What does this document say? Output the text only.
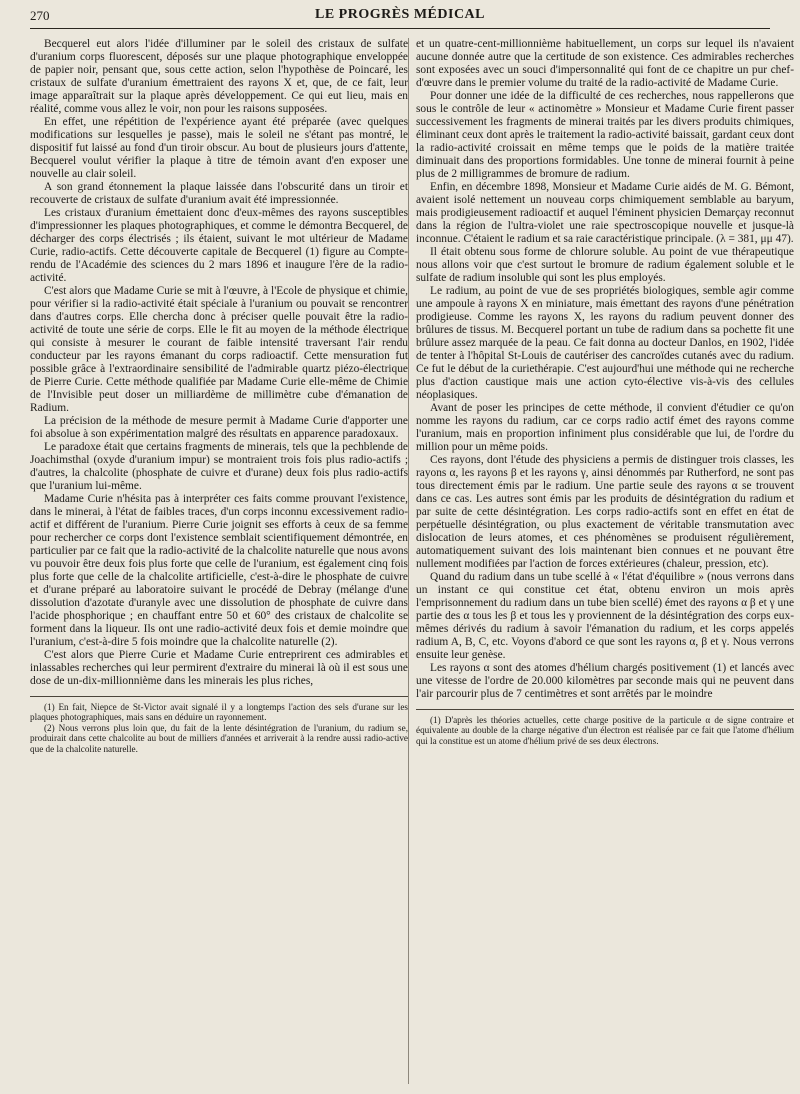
270	LE PROGRÈS MÉDICAL

Becquerel eut alors l'idée d'illuminer par le soleil des cristaux de sulfate d'uranium corps fluorescent, déposés sur une plaque photographique enveloppée de papier noir, pensant que, sous cette action, selon l'hypothèse de Poincaré, les cristaux de sulfate d'uranium émettraient des rayons X et, que, de ce fait, leur image apparaîtrait sur la plaque après développement. Ce qui eut lieu, mais en réalité, comme vous allez le voir, non pour les raisons supposées.

En effet, une répétition de l'expérience ayant été préparée (avec quelques modifications sur lesquelles je passe), mais le soleil ne s'étant pas montré, le dispositif fut laissé au fond d'un tiroir obscur. Au bout de plusieurs jours d'attente, Becquerel voulut vérifier la plaque à titre de témoin avant d'en exposer une nouvelle au clair soleil.

A son grand étonnement la plaque laissée dans l'obscurité dans un tiroir et recouverte de cristaux de sulfate d'uranium avait été impressionnée.

Les cristaux d'uranium émettaient donc d'eux-mêmes des rayons susceptibles d'impressionner les plaques photographiques, et comme le démontra Becquerel, de décharger des corps électrisés ; ils étaient, suivant le mot ultérieur de Madame Curie, radio-actifs. Cette découverte capitale de Becquerel (1) figure au Compte-rendu de l'Académie des sciences du 2 mars 1896 et inaugure l'ère de la radio-activité.

C'est alors que Madame Curie se mit à l'œuvre, à l'Ecole de physique et chimie, pour vérifier si la radio-activité était spéciale à l'uranium ou pouvait se rencontrer dans d'autres corps. Elle chercha donc à préciser quelle pouvait être la radio-activité de toute une série de corps. Elle le fit au moyen de la méthode électrique qui consiste à mesurer le courant de faible intensité traversant l'air rendu conducteur par les rayons émanant du corps radioactif. Cette mensuration fut possible grâce à l'extraordinaire sensibilité de l'admirable quartz piézo-électrique de Pierre Curie. Cette méthode qualifiée par Madame Curie elle-même de Chimie de l'Invisible peut doser un milliardème de millimètre cube d'émanation de Radium.

La précision de la méthode de mesure permit à Madame Curie d'apporter une foi absolue à son expérimentation malgré des résultats en apparence paradoxaux.

Le paradoxe était que certains fragments de minerais, tels que la pechblende de Joachimsthal (oxyde d'uranium impur) se montraient trois fois plus radio-actifs ; d'autres, la chalcolite (phosphate de cuivre et d'urane) deux fois plus radio-actifs que l'uranium lui-même.

Madame Curie n'hésita pas à interpréter ces faits comme prouvant l'existence, dans le minerai, à l'état de faibles traces, d'un corps inconnu excessivement radio-actif et différent de l'uranium. Pierre Curie joignit ses efforts à ceux de sa femme pour rechercher ce corps dont l'existence semblait scientifiquement démontrée, en particulier par ce fait que la radio-activité de la chalcolite naturelle que nous avons vu pouvoir être deux fois plus forte que celle de l'uranium, est également cinq fois plus forte que celle de la chalcolite artificielle, c'est-à-dire le phosphate de cuivre et d'urane préparé au laboratoire suivant le procédé de Debray (mélange d'une dissolution d'azotate d'uranyle avec une dissolution de phosphate de cuivre dans l'acide phosphorique ; en chauffant entre 50 et 60° des cristaux de chalcolite se forment dans la liqueur. Ils ont une radio-activité deux fois et demie moindre que l'uranium, c'est-à-dire 5 fois moindre que la chalcolite naturelle (2).

C'est alors que Pierre Curie et Madame Curie entreprirent ces admirables et inlassables recherches qui leur permirent d'extraire du minerai là où il est sous une dose de un-dix-millionnième dans les minerais les plus riches,

(1) En fait, Niepce de St-Victor avait signalé il y a longtemps l'action des sels d'urane sur les plaques photographiques, mais sans en déduire un rayonnement.

(2) Nous verrons plus loin que, du fait de la lente désintégration de l'uranium, du radium se, produirait dans cette chalcolite au bout de milliers d'années et arriverait à la rendre aussi radio-active que de la chalcolite naturelle.

et un quatre-cent-millionnième habituellement, un corps sur lequel ils n'avaient aucune donnée autre que la certitude de son existence. Ces admirables recherches sont exposées avec un souci d'impersonnalité qui font de ce chapitre un pur chef-d'œuvre dans le premier volume du traité de la radio-activité de Madame Curie.

Pour donner une idée de la difficulté de ces recherches, nous rappellerons que sous le contrôle de leur « actinomètre » Monsieur et Madame Curie firent passer successivement les fragments de minerai traités par les divers produits chimiques, éliminant ceux dont après le traitement la radio-activité baissait, gardant ceux dont la radio-activité croissait en même temps que le poids de la matière traitée diminuait dans des proportions formidables. Une tonne de minerai fournit à peine plus de 2 milligrammes de bromure de radium.

Enfin, en décembre 1898, Monsieur et Madame Curie aidés de M. G. Bémont, avaient isolé nettement un nouveau corps chimiquement semblable au baryum, mais prodigieusement radioactif et auquel l'éminent physicien Demarçay reconnut dans la région de l'ultra-violet une raie spectroscopique nouvelle et jusque-là inconnue. C'étaient le radium et sa raie caractéristique principale. (λ = 381, μμ 47).

Il était obtenu sous forme de chlorure soluble. Au point de vue thérapeutique nous allons voir que c'est surtout le bromure de radium également soluble et le sulfate de radium insoluble qui sont les plus employés.

Le radium, au point de vue de ses propriétés biologiques, semble agir comme une ampoule à rayons X en miniature, mais émettant des rayons d'une pénétration prodigieuse. Comme les rayons X, les rayons du radium peuvent donner des brûlures de tissus. M. Becquerel portant un tube de radium dans sa pochette fit une brûlure assez marquée de la peau. Ce fait donna au docteur Danlos, en 1902, l'idée de tenter à l'hôpital St-Louis de cautériser des cancroïdes cutanés avec du radium. Ce fut le début de la curiethérapie. C'est aujourd'hui une méthode qui ne recherche plus d'action caustique mais une action cyto-élective vis-à-vis des cellules néoplasiques.

Avant de poser les principes de cette méthode, il convient d'étudier ce qu'on nomme les rayons du radium, car ce corps radio actif émet des rayons comme l'uranium, mais en proportion infiniment plus considérable que lui, de l'ordre du million pour un même poids.

Ces rayons, dont l'étude des physiciens a permis de distinguer trois classes, les rayons α, les rayons β et les rayons γ, ainsi dénommés par Rutherford, ne sont pas tous directement émis par le radium. Une partie seule des rayons α se trouvent dans ce cas. Les autres sont émis par les produits de désintégration du radium et par suite de cette désintégration. Les corps radio-actifs sont en effet en état de perpétuelle désintégration, ou plus exactement de véritable transmutation avec dislocation de leurs atomes, et ces phénomènes se produisent régulièrement, automatiquement suivant des lois maintenant bien connues et ne pouvant être nullement modifiées par l'action de forces extérieures (chaleur, pression, etc).

Quand du radium dans un tube scellé à « l'état d'équilibre » (nous verrons dans un instant ce qui constitue cet état, obtenu environ un mois après l'emprisonnement du radium dans un tube bien scellé) émet des rayons α β et γ une partie des α tous les β et tous les γ proviennent de la désintégration des corps eux-mêmes dérivés du radium à savoir l'émanation du radium, et les corps appelés radium A, B, C, etc. Voyons d'abord ce que sont les rayons α, β et γ. Nous verrons ensuite leur genèse.

Les rayons α sont des atomes d'hélium chargés positivement (1) et lancés avec une vitesse de l'ordre de 20.000 kilomètres par seconde mais qui ne peuvent dans l'air parcourir plus de 7 centimètres et sont arrêtés par le moindre

(1) D'après les théories actuelles, cette charge positive de la particule α de signe contraire et équivalente au double de la charge négative d'un électron est réalisée par ce fait que l'atome d'hélium qui la constitue est un atome d'hélium privé de ses deux électrons.
